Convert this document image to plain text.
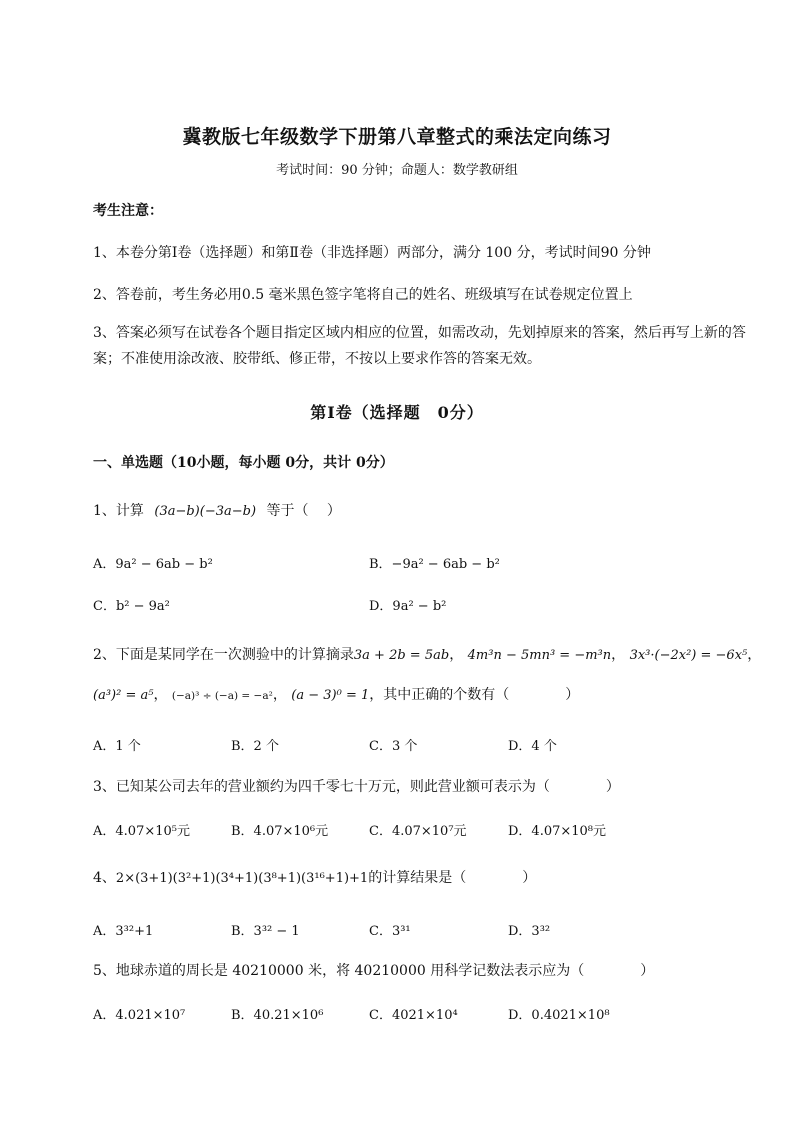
冀教版七年级数学下册第八章整式的乘法定向练习
考试时间：90 分钟；命题人：数学教研组
考生注意：
1、本卷分第Ⅰ卷（选择题）和第Ⅱ卷（非选择题）两部分，满分 100 分，考试时间90 分钟
2、答卷前，考生务必用0.5 毫米黑色签字笔将自己的姓名、班级填写在试卷规定位置上
3、答案必须写在试卷各个题目指定区域内相应的位置，如需改动，先划掉原来的答案，然后再写上新的答案；不准使用涂改液、胶带纸、修正带，不按以上要求作答的答案无效。
第Ⅰ卷（选择题　0分）
一、单选题（10小题，每小题 0分，共计 0分）
1、计算 (3a−b)(−3a−b) 等于（　 ）
A．9a² − 6ab − b²	B．−9a² − 6ab − b²
C．b² − 9a²	D．9a² − b²
2、下面是某同学在一次测验中的计算摘录3a + 2b = 5ab， 4m³n − 5mn³ = −m³n， 3x³·(−2x²) = −6x⁵，
(a³)² = a⁵， (−a)³ ÷ (−a) = −a²， (a − 3)⁰ = 1，其中正确的个数有（　　　　）
A．1 个	B．2 个	C．3 个	D．4 个
3、已知某公司去年的营业额约为四千零七十万元，则此营业额可表示为（　　　　）
A．4.07×10⁵元	B．4.07×10⁶元	C．4.07×10⁷元	D．4.07×10⁸元
4、2×(3+1)(3²+1)(3⁴+1)(3⁸+1)(3¹⁶+1)+1的计算结果是（　　　　）
A．3³²+1	B．3³² − 1	C．3³¹	D．3³²
5、地球赤道的周长是 40210000 米，将 40210000 用科学记数法表示应为（　　　　）
A．4.021×10⁷	B．40.21×10⁶	C．4021×10⁴	D．0.4021×10⁸
